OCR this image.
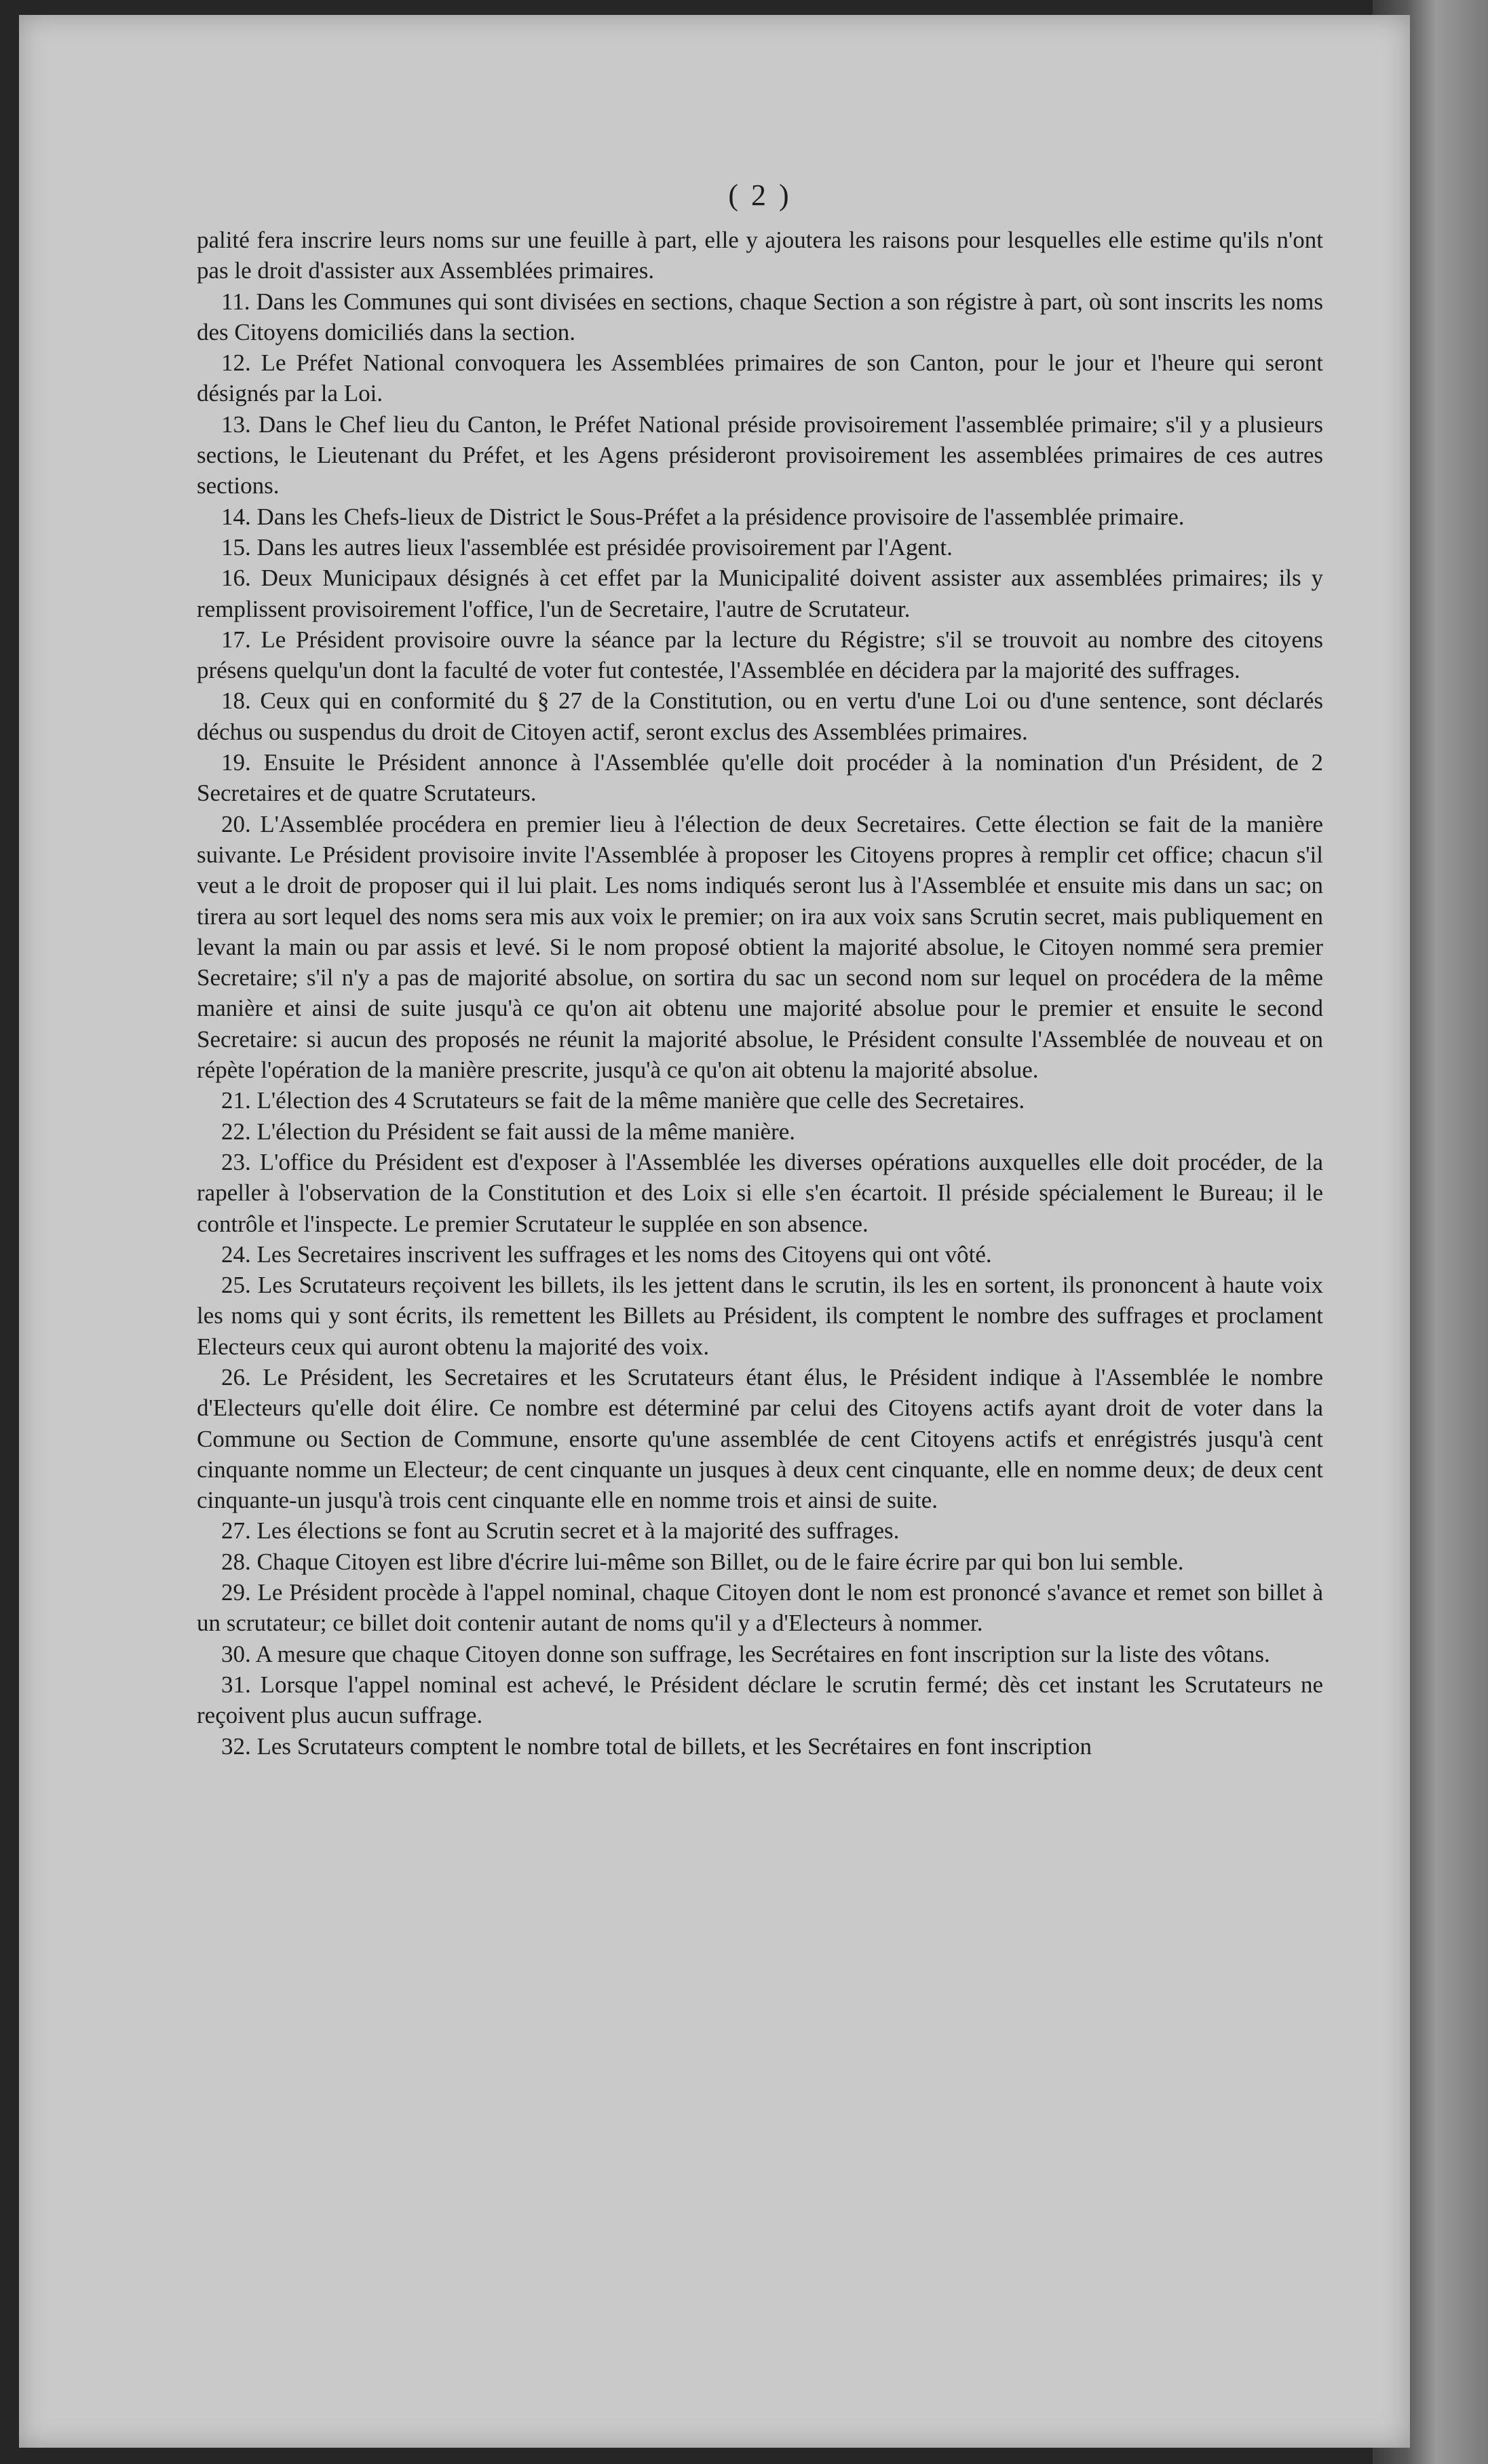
( 2 )

palité fera inscrire leurs noms sur une feuille à part, elle y ajoutera les raisons pour lesquelles elle estime qu'ils n'ont pas le droit d'assister aux Assemblées primaires.

11. Dans les Communes qui sont divisées en sections, chaque Section a son régistre à part, où sont inscrits les noms des Citoyens domiciliés dans la section.

12. Le Préfet National convoquera les Assemblées primaires de son Canton, pour le jour et l'heure qui seront désignés par la Loi.

13. Dans le Chef lieu du Canton, le Préfet National préside provisoirement l'assemblée primaire; s'il y a plusieurs sections, le Lieutenant du Préfet, et les Agens présideront provisoirement les assemblées primaires de ces autres sections.

14. Dans les Chefs-lieux de District le Sous-Préfet a la présidence provisoire de l'assemblée primaire.

15. Dans les autres lieux l'assemblée est présidée provisoirement par l'Agent.

16. Deux Municipaux désignés à cet effet par la Municipalité doivent assister aux assemblées primaires; ils y remplissent provisoirement l'office, l'un de Secretaire, l'autre de Scrutateur.

17. Le Président provisoire ouvre la séance par la lecture du Régistre; s'il se trouvoit au nombre des citoyens présens quelqu'un dont la faculté de voter fut contestée, l'Assemblée en décidera par la majorité des suffrages.

18. Ceux qui en conformité du § 27 de la Constitution, ou en vertu d'une Loi ou d'une sentence, sont déclarés déchus ou suspendus du droit de Citoyen actif, seront exclus des Assemblées primaires.

19. Ensuite le Président annonce à l'Assemblée qu'elle doit procéder à la nomination d'un Président, de 2 Secretaires et de quatre Scrutateurs.

20. L'Assemblée procédera en premier lieu à l'élection de deux Secretaires. Cette élection se fait de la manière suivante. Le Président provisoire invite l'Assemblée à proposer les Citoyens propres à remplir cet office; chacun s'il veut a le droit de proposer qui il lui plait. Les noms indiqués seront lus à l'Assemblée et ensuite mis dans un sac; on tirera au sort lequel des noms sera mis aux voix le premier; on ira aux voix sans Scrutin secret, mais publiquement en levant la main ou par assis et levé. Si le nom proposé obtient la majorité absolue, le Citoyen nommé sera premier Secretaire; s'il n'y a pas de majorité absolue, on sortira du sac un second nom sur lequel on procédera de la même manière et ainsi de suite jusqu'à ce qu'on ait obtenu une majorité absolue pour le premier et ensuite le second Secretaire: si aucun des proposés ne réunit la majorité absolue, le Président consulte l'Assemblée de nouveau et on répète l'opération de la manière prescrite, jusqu'à ce qu'on ait obtenu la majorité absolue.

21. L'élection des 4 Scrutateurs se fait de la même manière que celle des Secretaires.

22. L'élection du Président se fait aussi de la même manière.

23. L'office du Président est d'exposer à l'Assemblée les diverses opérations auxquelles elle doit procéder, de la rapeller à l'observation de la Constitution et des Loix si elle s'en écartoit. Il préside spécialement le Bureau; il le contrôle et l'inspecte. Le premier Scrutateur le supplée en son absence.

24. Les Secretaires inscrivent les suffrages et les noms des Citoyens qui ont vôté.

25. Les Scrutateurs reçoivent les billets, ils les jettent dans le scrutin, ils les en sortent, ils prononcent à haute voix les noms qui y sont écrits, ils remettent les Billets au Président, ils comptent le nombre des suffrages et proclament Electeurs ceux qui auront obtenu la majorité des voix.

26. Le Président, les Secretaires et les Scrutateurs étant élus, le Président indique à l'Assemblée le nombre d'Electeurs qu'elle doit élire. Ce nombre est déterminé par celui des Citoyens actifs ayant droit de voter dans la Commune ou Section de Commune, ensorte qu'une assemblée de cent Citoyens actifs et enrégistrés jusqu'à cent cinquante nomme un Electeur; de cent cinquante un jusques à deux cent cinquante, elle en nomme deux; de deux cent cinquante-un jusqu'à trois cent cinquante elle en nomme trois et ainsi de suite.

27. Les élections se font au Scrutin secret et à la majorité des suffrages.

28. Chaque Citoyen est libre d'écrire lui-même son Billet, ou de le faire écrire par qui bon lui semble.

29. Le Président procède à l'appel nominal, chaque Citoyen dont le nom est prononcé s'avance et remet son billet à un scrutateur; ce billet doit contenir autant de noms qu'il y a d'Electeurs à nommer.

30. A mesure que chaque Citoyen donne son suffrage, les Secrétaires en font inscription sur la liste des vôtans.

31. Lorsque l'appel nominal est achevé, le Président déclare le scrutin fermé; dès cet instant les Scrutateurs ne reçoivent plus aucun suffrage.

32. Les Scrutateurs comptent le nombre total de billets, et les Secrétaires en font inscription
